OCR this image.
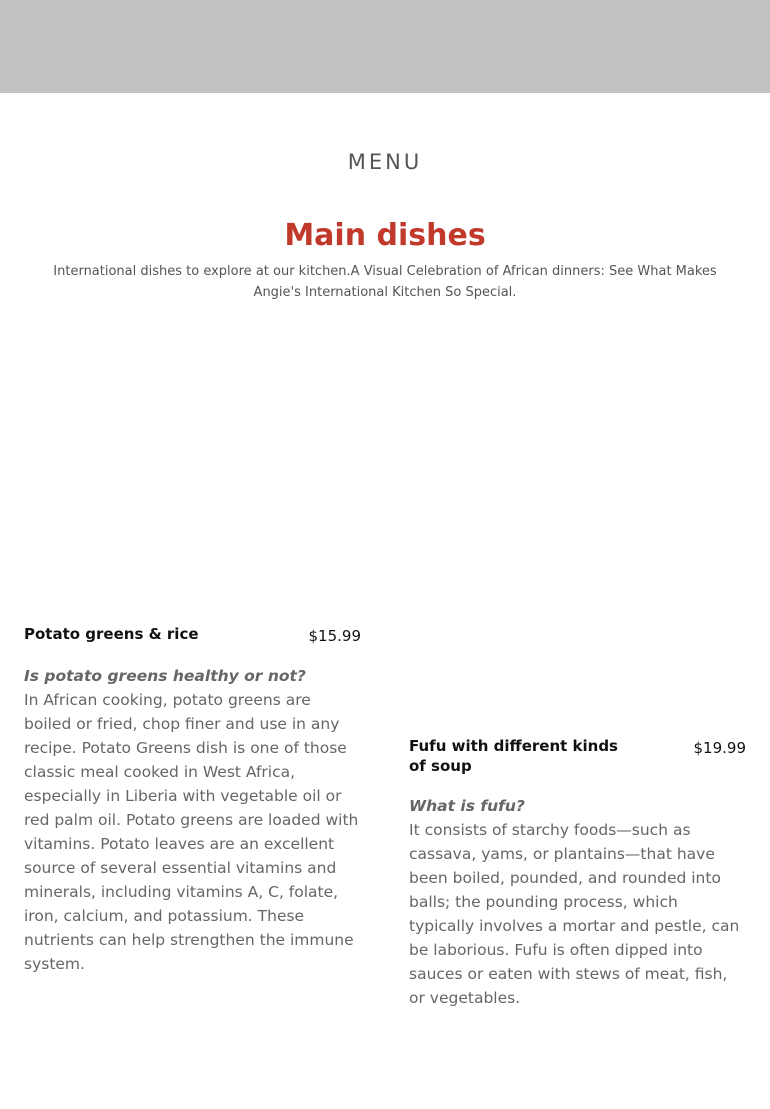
MENU
Main dishes

International dishes to explore at our kitchen.A Visual Celebration of African dinners: See What Makes Angie's International Kitchen So Special.

Potato greens & rice	$15.99
Is potato greens healthy or not?
In African cooking, potato greens are boiled or fried, chop finer and use in any recipe. Potato Greens dish is one of those classic meal cooked in West Africa, especially in Liberia with vegetable oil or red palm oil. Potato greens are loaded with vitamins. Potato leaves are an excellent source of several essential vitamins and minerals, including vitamins A, C, folate, iron, calcium, and potassium. These nutrients can help strengthen the immune system.
Fufu with different kinds of soup
$19.99
What is fufu?
It consists of starchy foods—such as cassava, yams, or plantains—that have been boiled, pounded, and rounded into balls; the pounding process, which typically involves a mortar and pestle, can be laborious. Fufu is often dipped into sauces or eaten with stews of meat, fish, or vegetables.
